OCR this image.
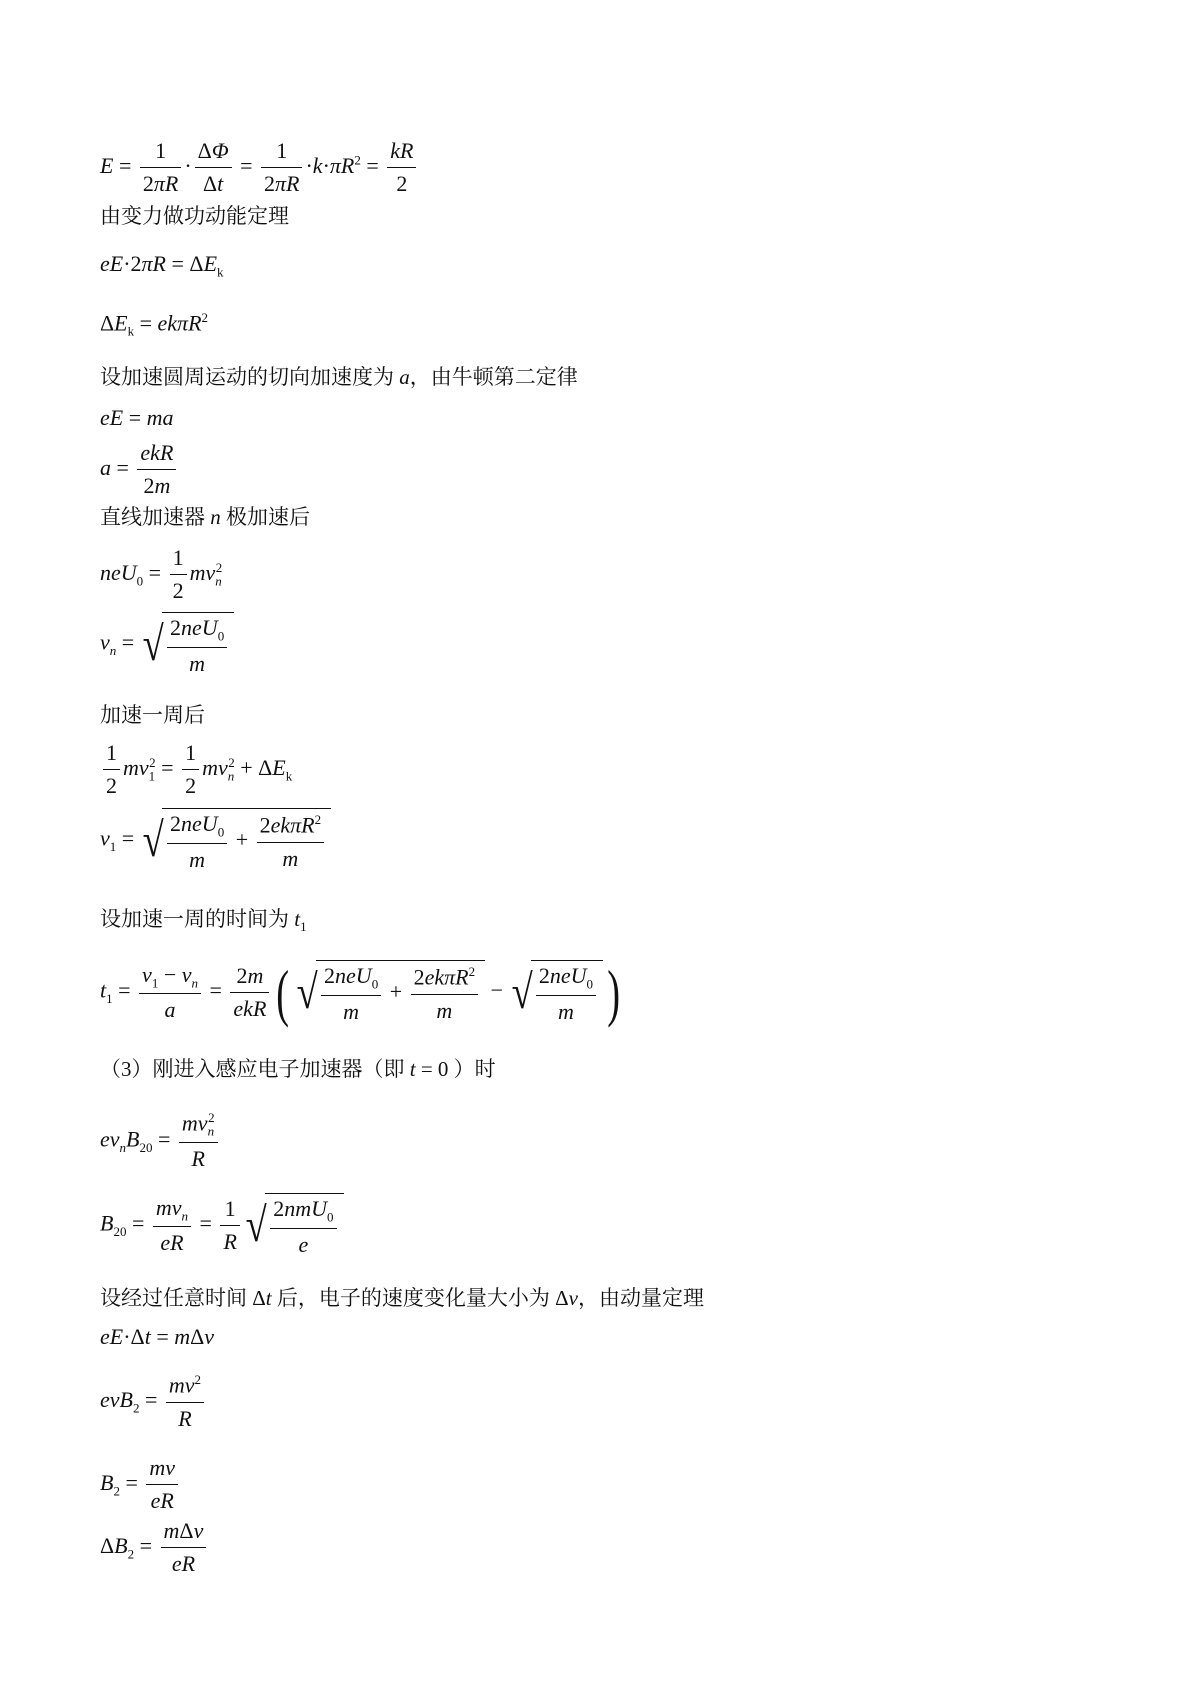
$E = \frac{1}{2\pi R} \cdot \frac{\Delta\Phi}{\Delta t} = \frac{1}{2\pi R} \cdot k\cdot\pi R^2 = \frac{kR}{2}$
由变力做功动能定理
$eE\cdot 2\pi R = \Delta E_k$
$\Delta E_k = ek\pi R^2$
设加速圆周运动的切向加速度为 a，由牛顿第二定律
eE = ma
$a = \frac{\text{ekR}}{2m}$
直线加速器 n 极加速后
$neU_0 = \frac{1}{2} mv_n^2$
$v_n$ = √ $\frac{2neU_0}{m}$
加速一周后
$\frac{1}{2} mv_1^2 = \frac{1}{2} mv_n^2 + \Delta E_k$
$v_1$ = √ $\frac{2neU_0}{m} + \frac{2ek\pi R^2}{m}$
设加速一周的时间为 $t_1$
$t_1 = \frac{v_1 - v_n}{a} = \frac{2m}{\text{ekR}}$ ( √ $\frac{2neU_0}{m} + \frac{2ek\pi R^2}{m}$ − √ $\frac{2neU_0}{m}$ )
（3）刚进入感应电子加速器（即 t = 0 ）时
$ev_nB_{20} = \frac{mv_n^2}{R}$
$B_{20} = \frac{mv_n}{eR} = \frac{1}{R}$ √ $\frac{2nmU_0}{e}$
设经过任意时间 Δt 后，电子的速度变化量大小为 Δv，由动量定理
eE·Δt = mΔv
$evB_2 = \frac{mv^2}{R}$
$B_2 = \frac{mv}{eR}$
$\Delta B_2 = \frac{\text{mΔv}}{eR}$
